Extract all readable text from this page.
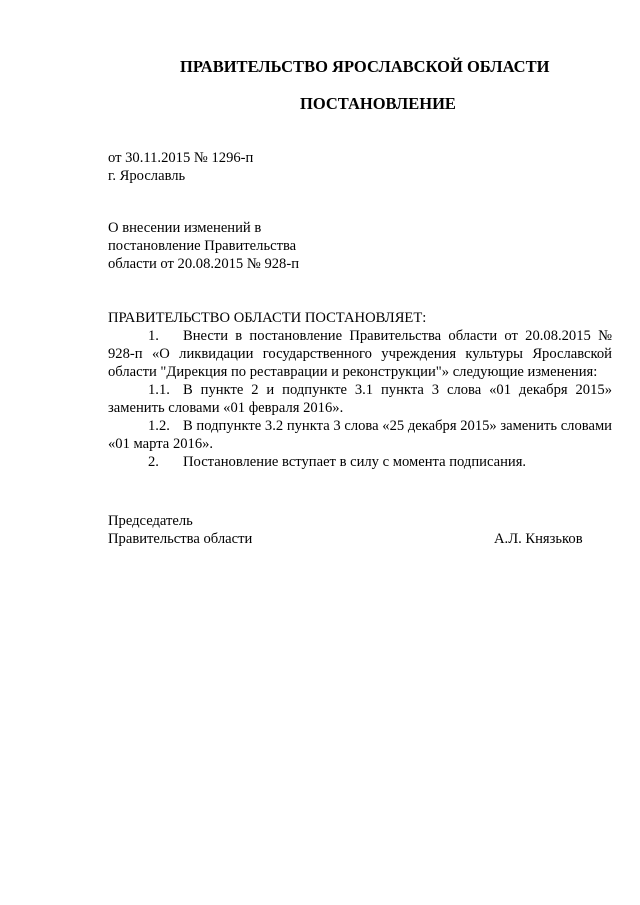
ПРАВИТЕЛЬСТВО ЯРОСЛАВСКОЙ ОБЛАСТИ
ПОСТАНОВЛЕНИЕ
от 30.11.2015 № 1296-п
г. Ярославль
О внесении изменений в
постановление Правительства
области от 20.08.2015 № 928-п
ПРАВИТЕЛЬСТВО ОБЛАСТИ ПОСТАНОВЛЯЕТ:

1. Внести в постановление Правительства области от 20.08.2015 № 928-п «О ликвидации государственного учреждения культуры Ярославской области "Дирекция по реставрации и реконструкции"» следующие изменения:

1.1. В пункте 2 и подпункте 3.1 пункта 3 слова «01 декабря 2015» заменить словами «01 февраля 2016».

1.2. В подпункте 3.2 пункта 3 слова «25 декабря 2015» заменить словами «01 марта 2016».

2. Постановление вступает в силу с момента подписания.

Председатель
Правительства области	А.Л. Князьков
